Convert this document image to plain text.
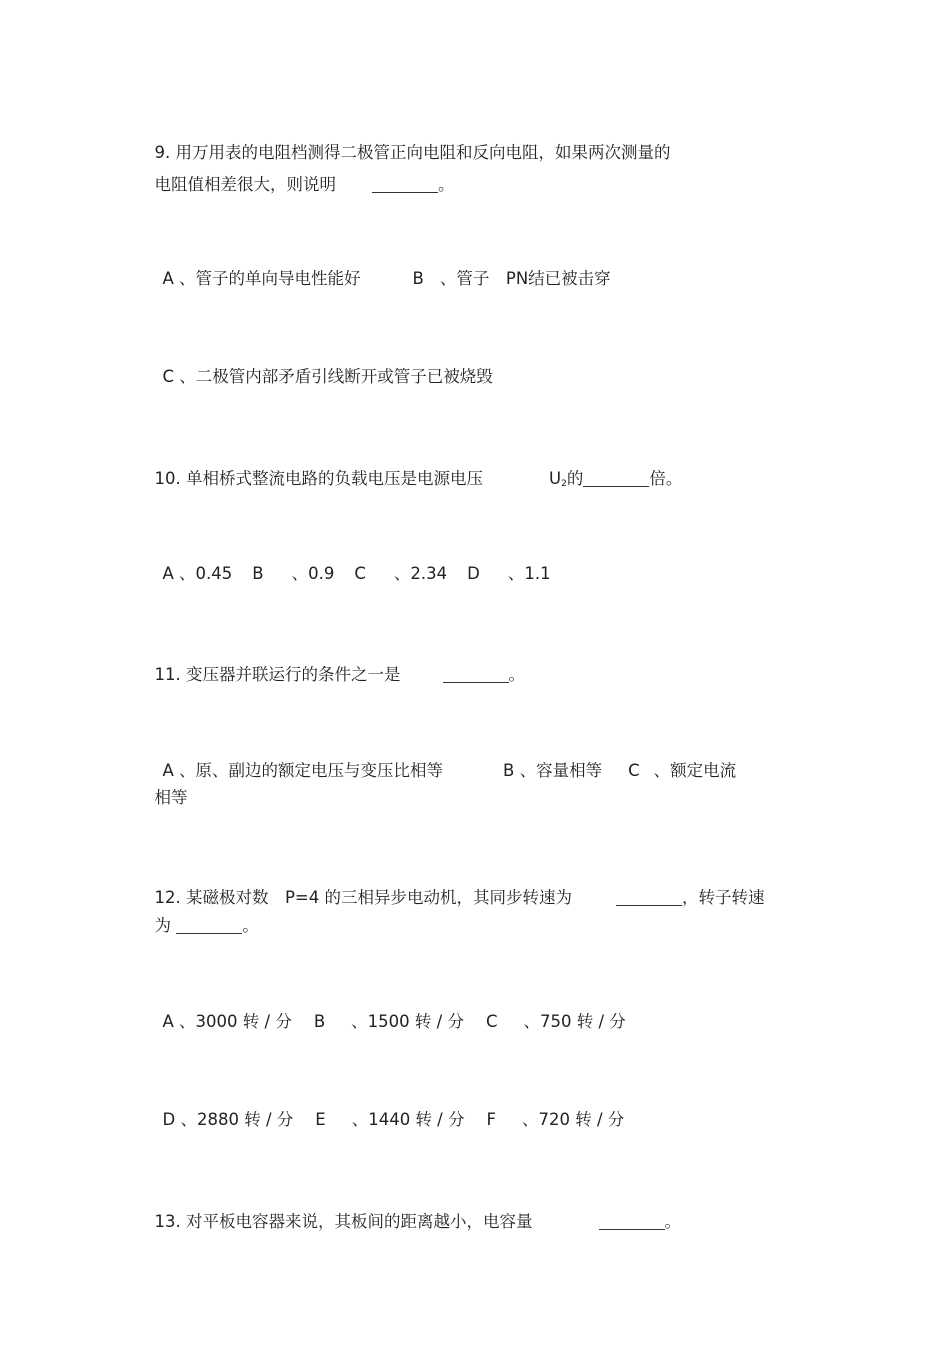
9. 用万用表的电阻档测得二极管正向电阻和反向电阻，如果两次测量的

电阻值相差很大，则说明	。

A 、管子的单向导电性能好	B 、管子　PN结已被击穿

C 、二极管内部矛盾引线断开或管子已被烧毁

10. 单相桥式整流电路的负载电压是电源电压	$U_2$的	倍。

A 、0.45 B 、0.9 C 、2.34 D 、1.1

11. 变压器并联运行的条件之一是	。

A 、原、副边的额定电压与变压比相等	B 、容量相等 C 、额定电流

相等

12. 某磁极对数　P=4 的三相异步电动机，其同步转速为	，转子转速

为	。

A 、3000 转 / 分 B 、1500 转 / 分 C 、750 转 / 分

D 、2880 转 / 分 E 、1440 转 / 分 F 、720 转 / 分

13. 对平板电容器来说，其板间的距离越小，电容量	。
